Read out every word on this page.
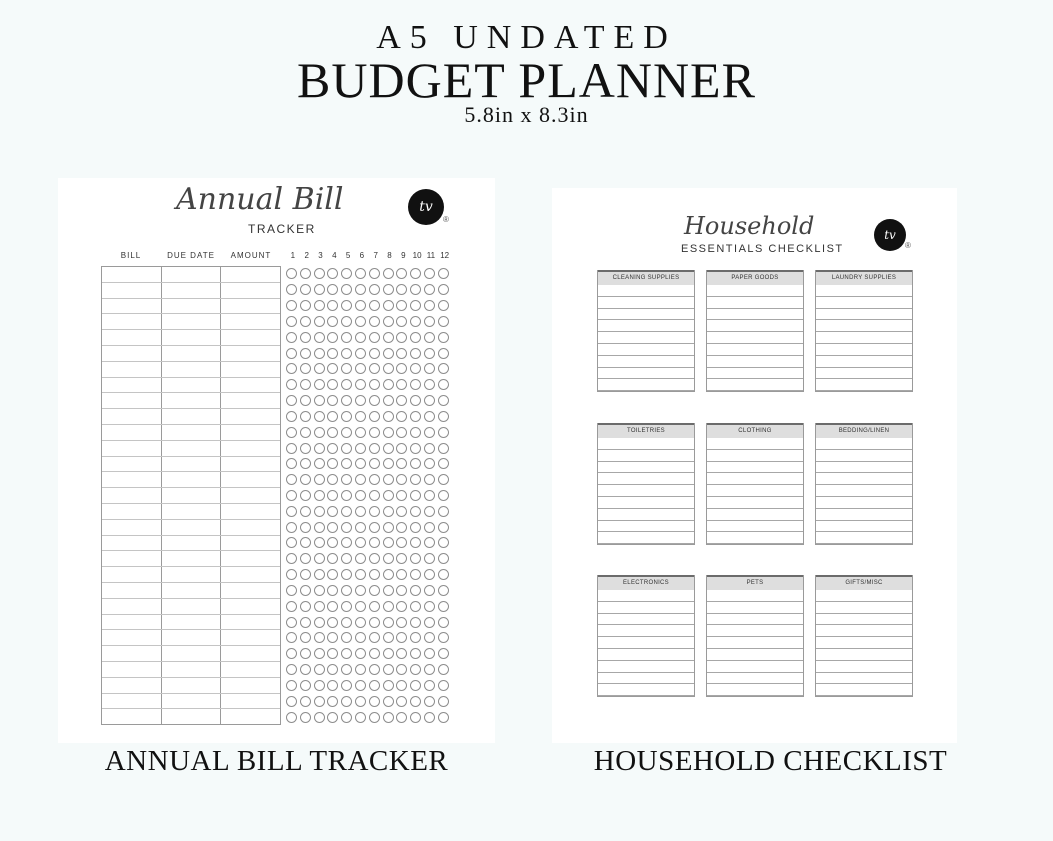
A5 UNDATED
BUDGET PLANNER
5.8in x 8.3in
Annual Bill
TRACKER
tv
®
BILL	DUE DATE	AMOUNT	1	2	3	4	5	6	7	8	9 10 11 12
Household
ESSENTIALS CHECKLIST
tv
®
CLEANING SUPPLIES	PAPER GOODS	LAUNDRY SUPPLIES
TOILETRIES	CLOTHING	BEDDING/LINEN
ELECTRONICS	PETS	GIFTS/MISC
ANNUAL BILL TRACKER	HOUSEHOLD CHECKLIST
